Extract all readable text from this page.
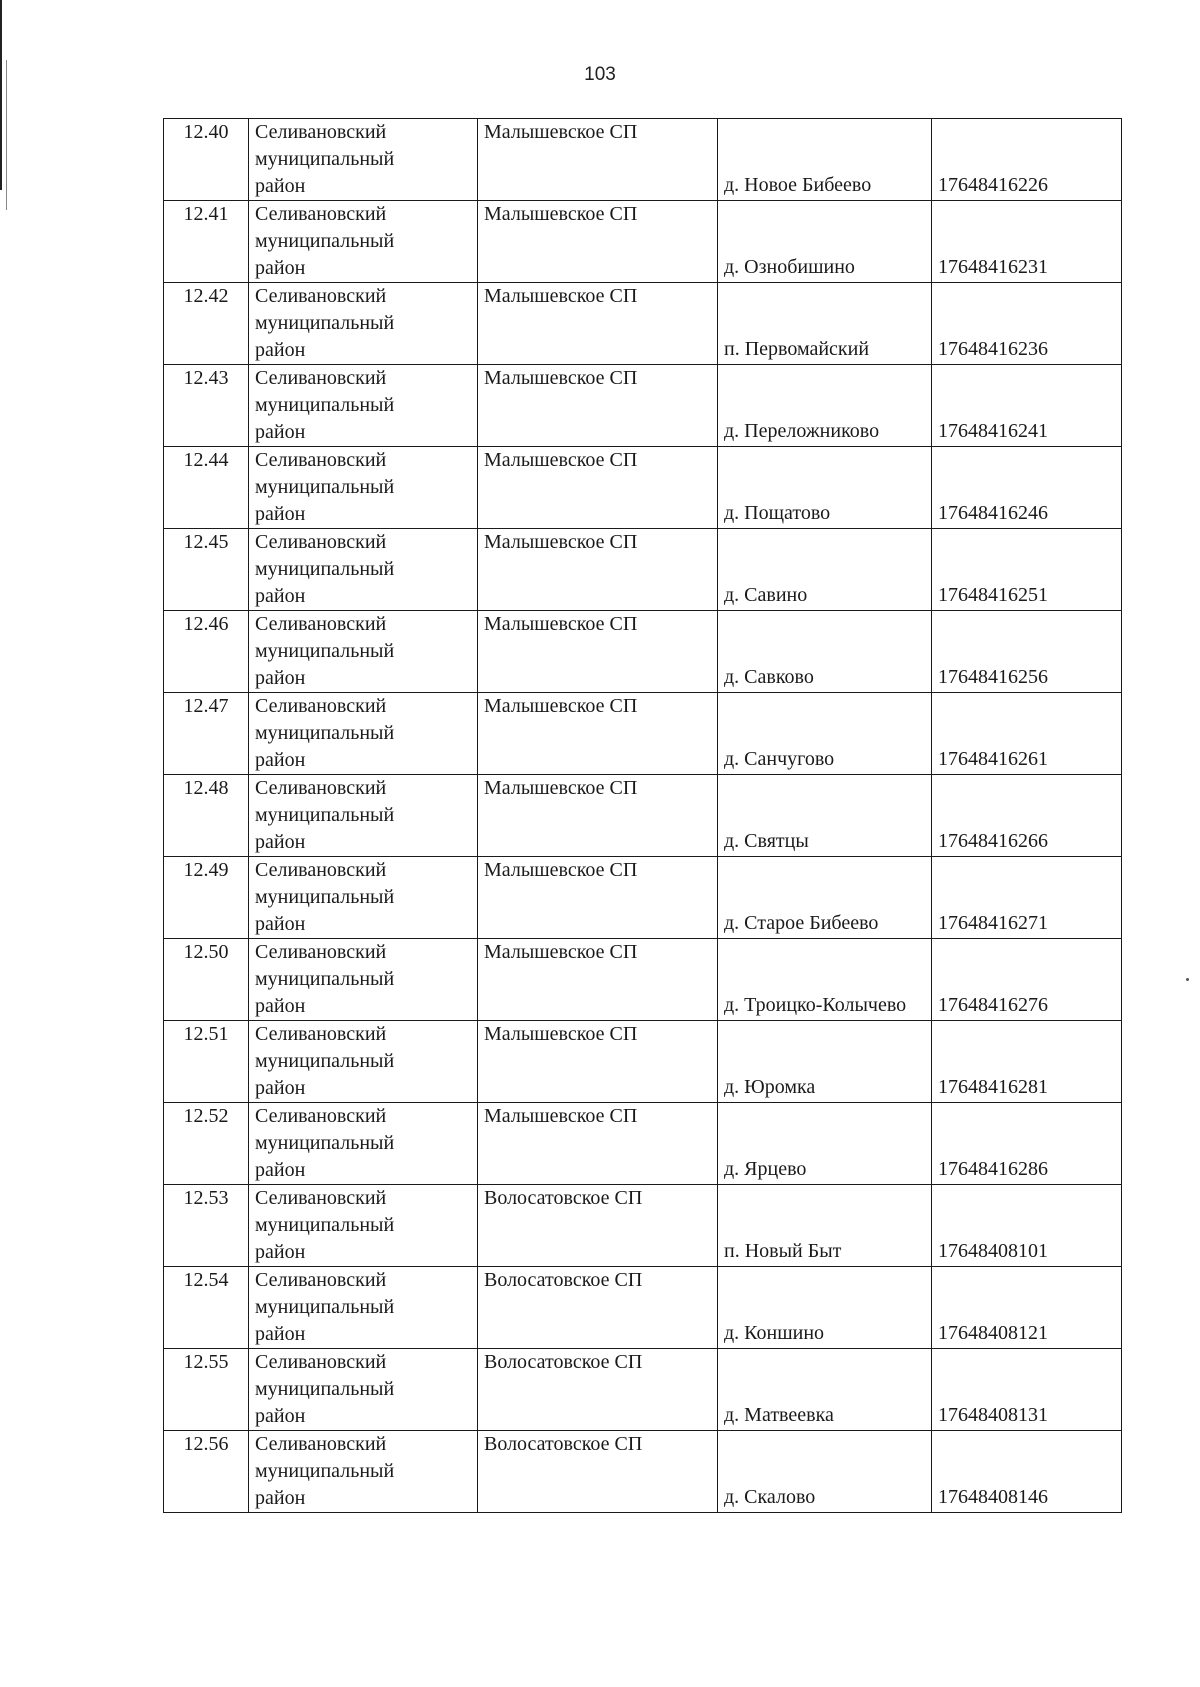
103
12.40	Селивановский
муниципальный
район	Малышевское СП	д. Новое Бибеево	17648416226
12.41	Селивановский
муниципальный
район	Малышевское СП	д. Ознобишино	17648416231
12.42	Селивановский
муниципальный
район	Малышевское СП	п. Первомайский	17648416236
12.43	Селивановский
муниципальный
район	Малышевское СП	д. Переложниково	17648416241
12.44	Селивановский
муниципальный
район	Малышевское СП	д. Пощатово	17648416246
12.45	Селивановский
муниципальный
район	Малышевское СП	д. Савино	17648416251
12.46	Селивановский
муниципальный
район	Малышевское СП	д. Савково	17648416256
12.47	Селивановский
муниципальный
район	Малышевское СП	д. Санчугово	17648416261
12.48	Селивановский
муниципальный
район	Малышевское СП	д. Святцы	17648416266
12.49	Селивановский
муниципальный
район	Малышевское СП	д. Старое Бибеево	17648416271
12.50	Селивановский
муниципальный
район	Малышевское СП	д. Троицко-Колычево	17648416276
12.51	Селивановский
муниципальный
район	Малышевское СП	д. Юромка	17648416281
12.52	Селивановский
муниципальный
район	Малышевское СП	д. Ярцево	17648416286
12.53	Селивановский
муниципальный
район	Волосатовское СП	п. Новый Быт	17648408101
12.54	Селивановский
муниципальный
район	Волосатовское СП	д. Коншино	17648408121
12.55	Селивановский
муниципальный
район	Волосатовское СП	д. Матвеевка	17648408131
12.56	Селивановский
муниципальный
район	Волосатовское СП	д. Скалово	17648408146
